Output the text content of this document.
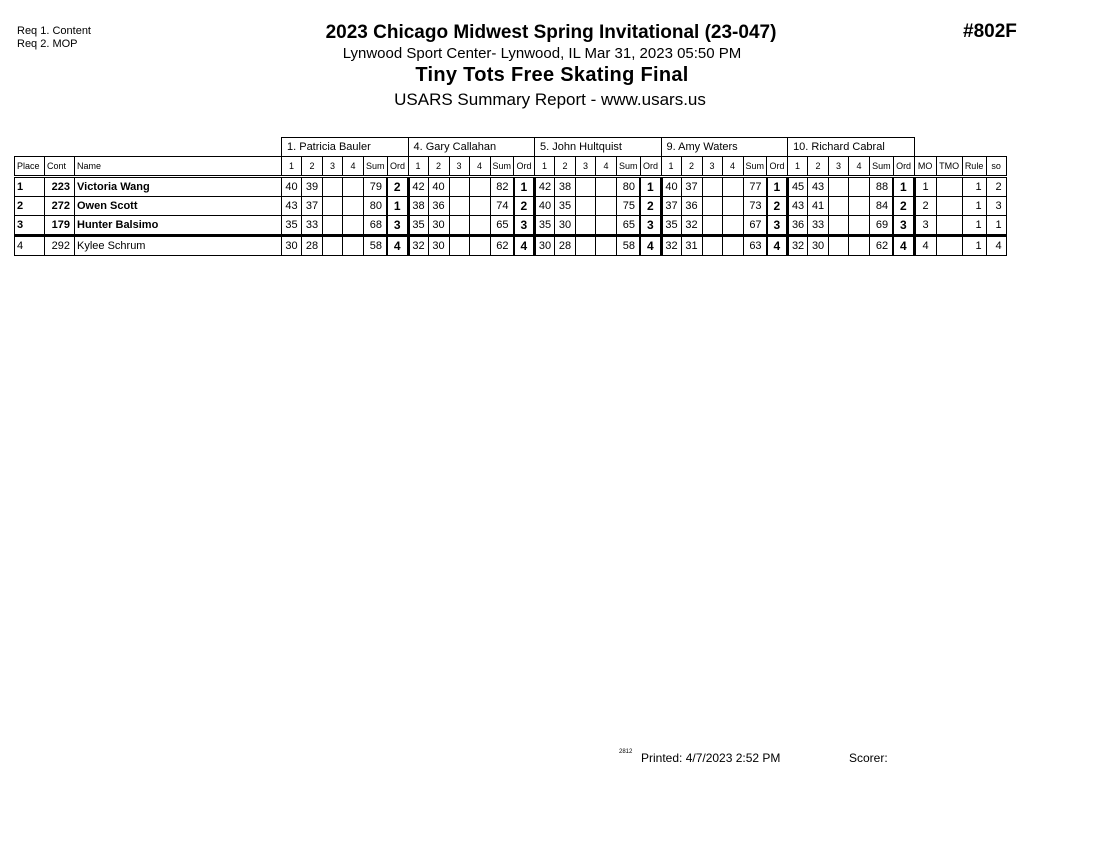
Req 1. Content
Req 2. MOP
#802F
2023 Chicago Midwest Spring Invitational (23-047)
Lynwood Sport Center- Lynwood, IL Mar 31, 2023 05:50 PM
Tiny Tots Free Skating Final
USARS Summary Report - www.usars.us
			1. Patricia Bauler						4. Gary Callahan						5. John Hultquist						9. Amy Waters						10. Richard Cabral									
Place	Cont	Name	1	2	3	4	Sum	Ord	1	2	3	4	Sum	Ord	1	2	3	4	Sum	Ord	1	2	3	4	Sum	Ord	1	2	3	4	Sum	Ord	MO	TMO	Rule	so
1	223	Victoria Wang	40	39			79	2	42	40			82	1	42	38			80	1	40	37			77	1	45	43			88	1	1		1	2
2	272	Owen Scott	43	37			80	1	38	36			74	2	40	35			75	2	37	36			73	2	43	41			84	2	2		1	3
3	179	Hunter Balsimo	35	33			68	3	35	30			65	3	35	30			65	3	35	32			67	3	36	33			69	3	3		1	1
4	292	Kylee Schrum	30	28			58	4	32	30			62	4	30	28			58	4	32	31			63	4	32	30			62	4	4		1	4
2812 Printed: 4/7/2023 2:52 PM	Scorer:
